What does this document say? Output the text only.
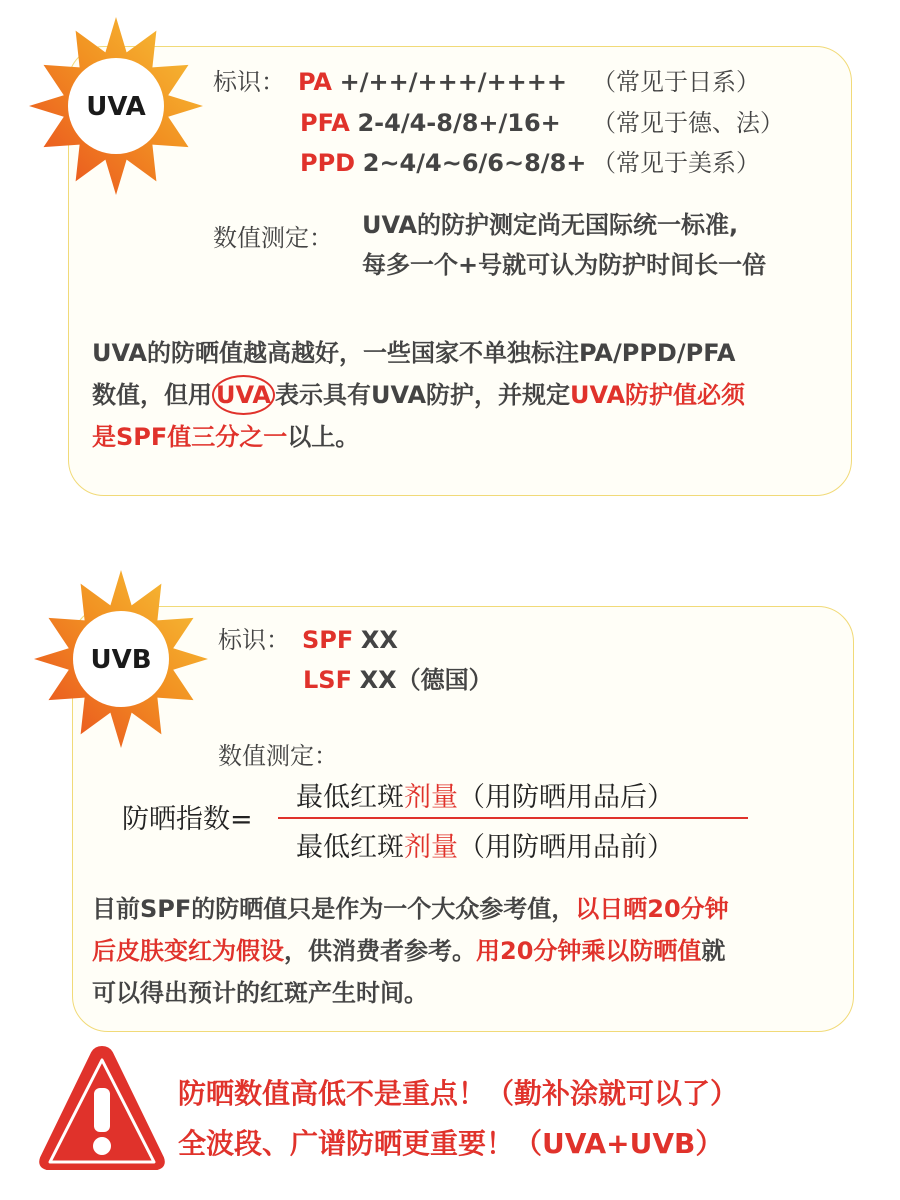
UVA
标识： PA +/++/+++/++++ （常见于日系）
PFA 2-4/4-8/8+/16+ （常见于德、法）
PPD 2~4/4~6/6~8/8+ （常见于美系）
数值测定： UVA的防护测定尚无国际统一标准,
每多一个+号就可认为防护时间长一倍
UVA的防晒值越高越好，一些国家不单独标注PA/PPD/PFA
数值，但用 UVA 表示具有UVA防护，并规定UVA防护值必须
是SPF值三分之一以上。
UVB
标识： SPF XX
LSF XX（德国）
数值测定：
防晒指数=
最低红斑剂量（用防晒用品后）
最低红斑剂量（用防晒用品前）
目前SPF的防晒值只是作为一个大众参考值，以日晒20分钟
后皮肤变红为假设，供消费者参考。用20分钟乘以防晒值就
可以得出预计的红斑产生时间。
防晒数值高低不是重点！（勤补涂就可以了）
全波段、广谱防晒更重要！（UVA+UVB）
